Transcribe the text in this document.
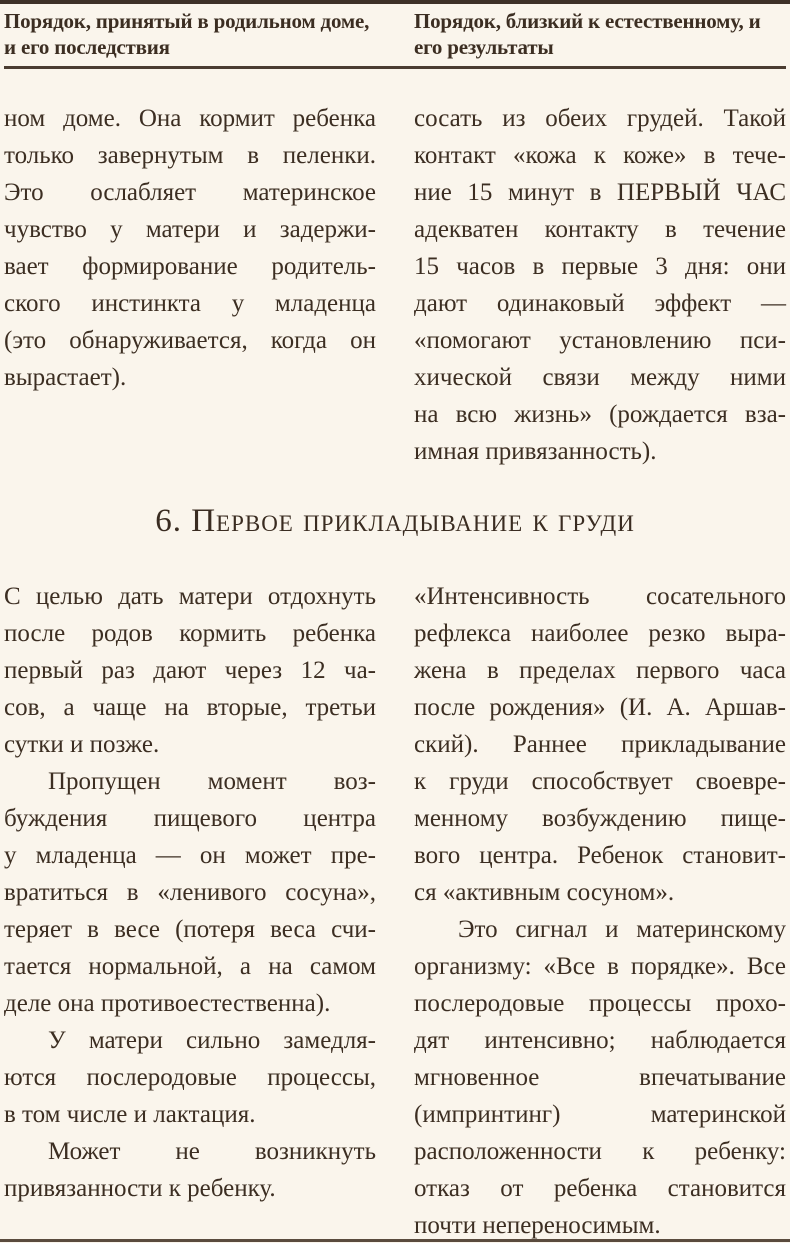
Порядок, принятый в родильном доме, и его последствия
Порядок, близкий к естественному, и его результаты
ном доме. Она кормит ребенка
только завернутым в пеленки.
Это ослабляет материнское
чувство у матери и задержи-
вает формирование родитель-
ского инстинкта у младенца
(это обнаруживается, когда он
вырастает).
сосать из обеих грудей. Такой
контакт «кожа к коже» в тече-
ние 15 минут в ПЕРВЫЙ ЧАС
адекватен контакту в течение
15 часов в первые 3 дня: они
дают одинаковый эффект —
«помогают установлению пси-
хической связи между ними
на всю жизнь» (рождается вза-
имная привязанность).
6. Первое прикладывание к груди
С целью дать матери отдохнуть
после родов кормить ребенка
первый раз дают через 12 ча-
сов, а чаще на вторые, третьи
сутки и позже.
Пропущен момент воз-
буждения пищевого центра
у младенца — он может пре-
вратиться в «ленивого сосуна»,
теряет в весе (потеря веса счи-
тается нормальной, а на самом
деле она противоестественна).
У матери сильно замедля-
ются послеродовые процессы,
в том числе и лактация.
Может не возникнуть
привязанности к ребенку.
«Интенсивность сосательного
рефлекса наиболее резко выра-
жена в пределах первого часа
после рождения» (И. А. Аршав-
ский). Раннее прикладывание
к груди способствует своевре-
менному возбуждению пище-
вого центра. Ребенок становит-
ся «активным сосуном».
Это сигнал и материнскому
организму: «Все в порядке». Все
послеродовые процессы прохо-
дят интенсивно; наблюдается
мгновенное впечатывание
(импринтинг) материнской
расположенности к ребенку:
отказ от ребенка становится
почти непереносимым.
